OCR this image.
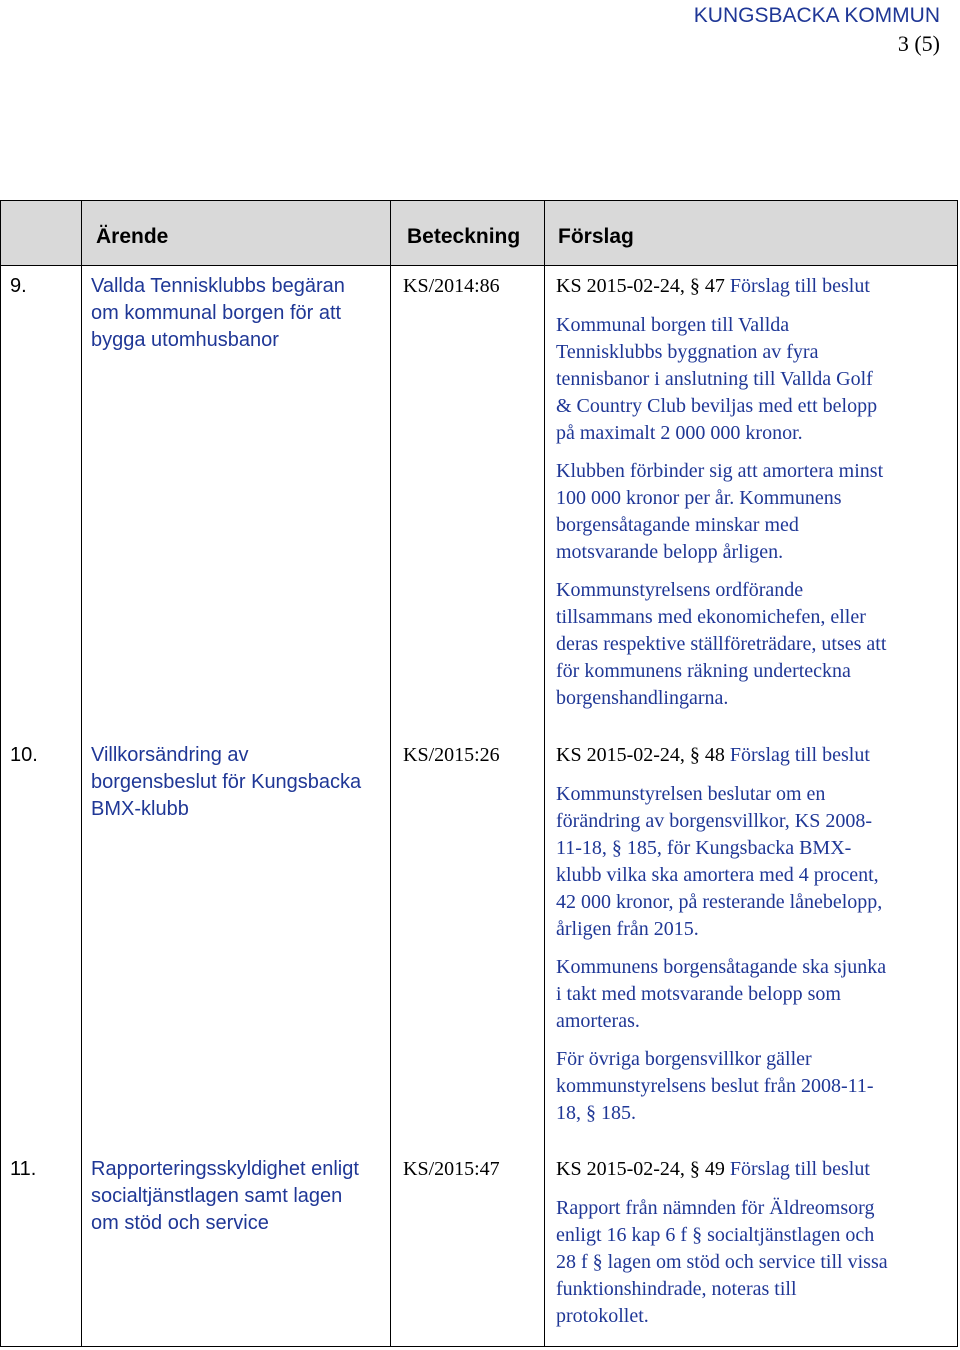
KUNGSBACKA KOMMUN
3 (5)
Ärende	Beteckning Förslag
9.	Vallda Tennisklubbs begäran
om kommunal borgen för att
bygga utomhusbanor
KS/2014:86	KS 2015-02-24, § 47 Förslag till beslut
Kommunal borgen till Vallda
Tennisklubbs byggnation av fyra
tennisbanor i anslutning till Vallda Golf
& Country Club beviljas med ett belopp
på maximalt 2 000 000 kronor.
Klubben förbinder sig att amortera minst
100 000 kronor per år. Kommunens
borgensåtagande minskar med
motsvarande belopp årligen.
Kommunstyrelsens ordförande
tillsammans med ekonomichefen, eller
deras respektive ställföreträdare, utses att
för kommunens räkning underteckna
borgenshandlingarna.
10.	Villkorsändring av
borgensbeslut för Kungsbacka
BMX-klubb
KS/2015:26	KS 2015-02-24, § 48 Förslag till beslut
Kommunstyrelsen beslutar om en
förändring av borgensvillkor, KS 2008-
11-18, § 185, för Kungsbacka BMX-
klubb vilka ska amortera med 4 procent,
42 000 kronor, på resterande lånebelopp,
årligen från 2015.
Kommunens borgensåtagande ska sjunka
i takt med motsvarande belopp som
amorteras.
För övriga borgensvillkor gäller
kommunstyrelsens beslut från 2008-11-
18, § 185.
11.	Rapporteringsskyldighet enligt
socialtjänstlagen samt lagen
om stöd och service
KS/2015:47	KS 2015-02-24, § 49 Förslag till beslut
Rapport från nämnden för Äldreomsorg
enligt 16 kap 6 f § socialtjänstlagen och
28 f § lagen om stöd och service till vissa
funktionshindrade, noteras till
protokollet.
